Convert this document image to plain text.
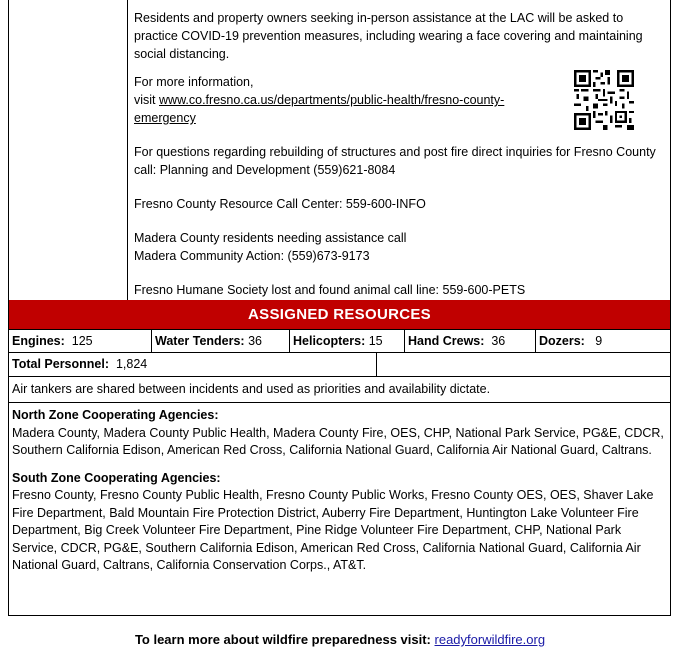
Residents and property owners seeking in-person assistance at the LAC will be asked to practice COVID-19 prevention measures, including wearing a face covering and maintaining social distancing.

For more information,
visit www.co.fresno.ca.us/departments/public-health/fresno-county-emergency

For questions regarding rebuilding of structures and post fire direct inquiries for Fresno County call: Planning and Development (559)621-8084

Fresno County Resource Call Center: 559-600-INFO

Madera County residents needing assistance call
Madera Community Action: (559)673-9173

Fresno Humane Society lost and found animal call line: 559-600-PETS

ASSIGNED RESOURCES
Engines: 125	Water Tenders: 36	Helicopters: 15	Hand Crews: 36	Dozers: 9
Total Personnel: 1,824
Air tankers are shared between incidents and used as priorities and availability dictate.
North Zone Cooperating Agencies:
Madera County, Madera County Public Health, Madera County Fire, OES, CHP, National Park Service, PG&E, CDCR, Southern California Edison, American Red Cross, California National Guard, California Air National Guard, Caltrans.
South Zone Cooperating Agencies:
Fresno County, Fresno County Public Health, Fresno County Public Works, Fresno County OES, OES, Shaver Lake Fire Department, Bald Mountain Fire Protection District, Auberry Fire Department, Huntington Lake Volunteer Fire Department, Big Creek Volunteer Fire Department, Pine Ridge Volunteer Fire Department, CHP, National Park Service, CDCR, PG&E, Southern California Edison, American Red Cross, California National Guard, California Air National Guard, Caltrans, California Conservation Corps., AT&T.
To learn more about wildfire preparedness visit: readyforwildfire.org
